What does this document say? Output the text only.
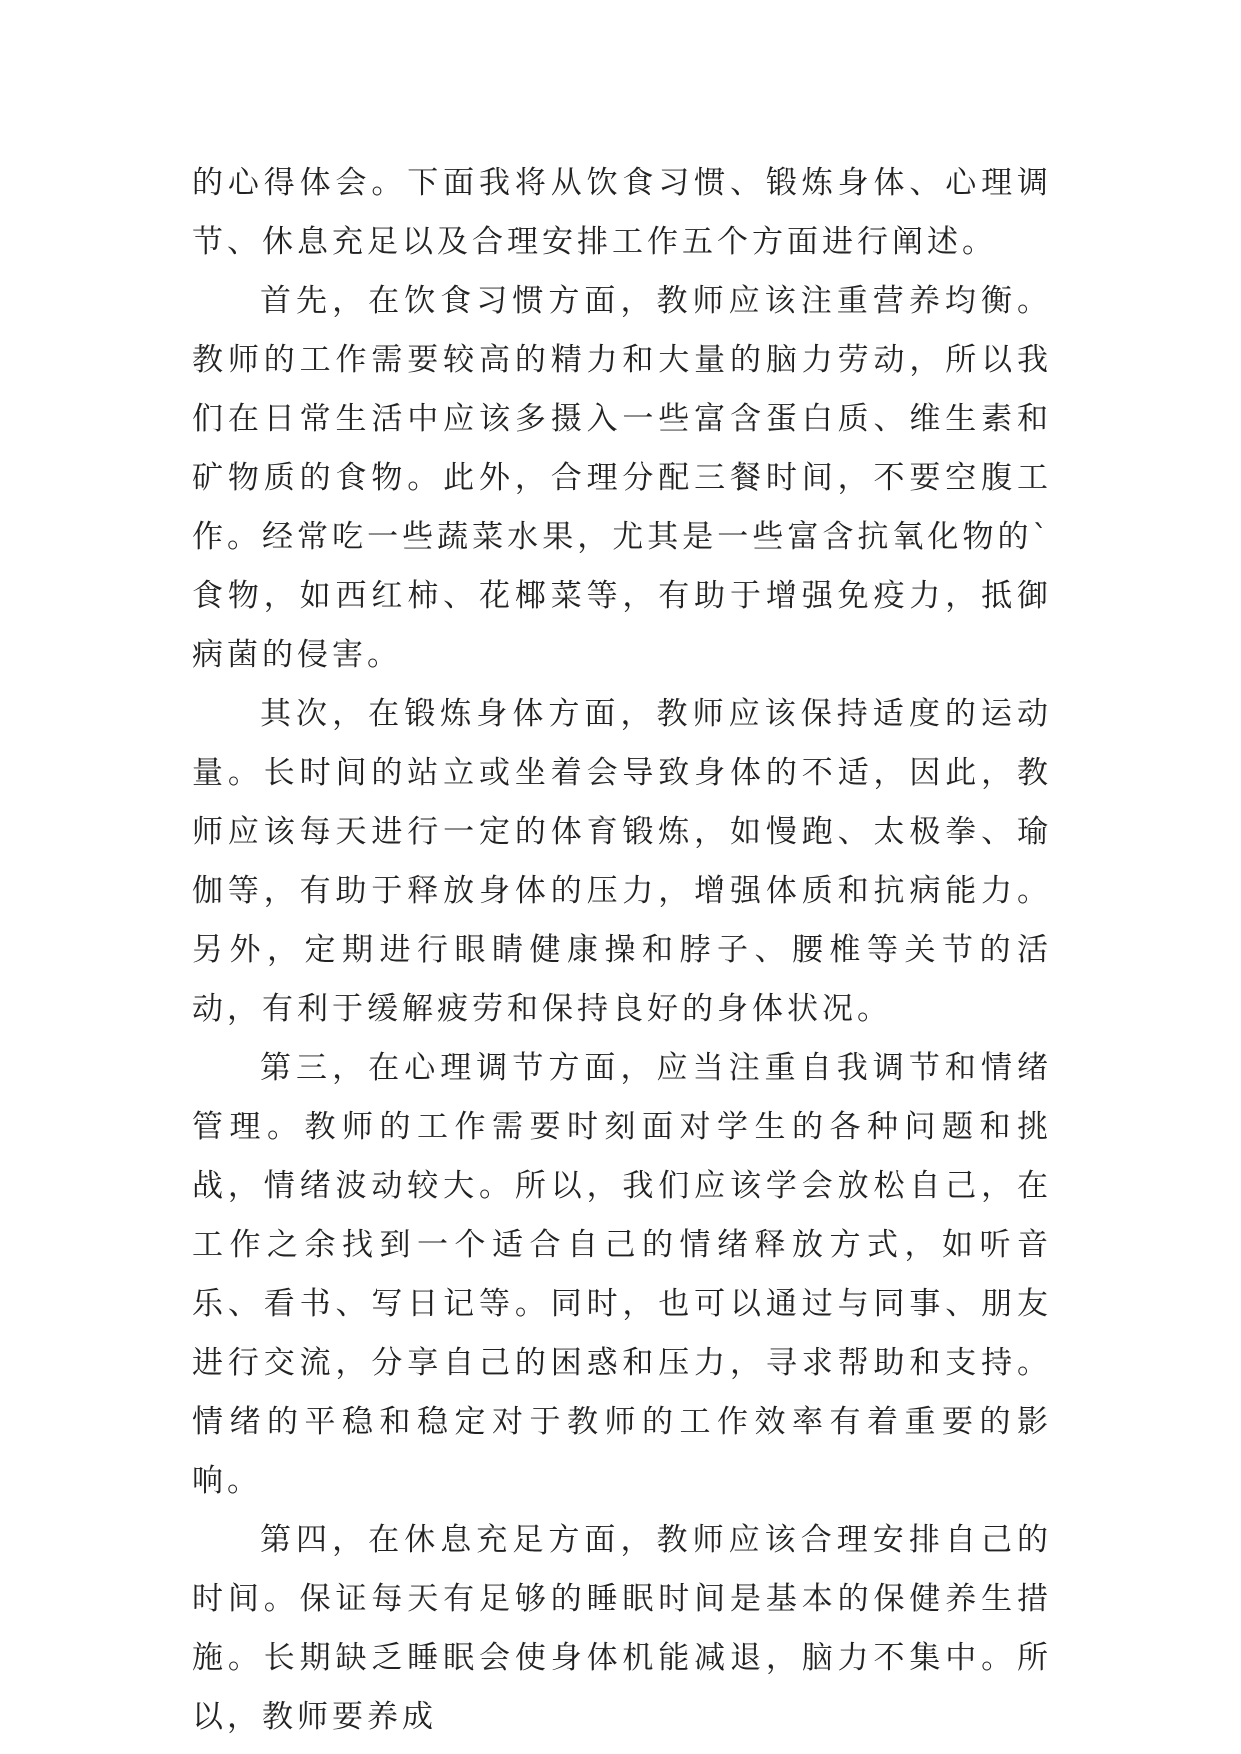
的心得体会。下面我将从饮食习惯、锻炼身体、心理调节、休息充足以及合理安排工作五个方面进行阐述。

首先，在饮食习惯方面，教师应该注重营养均衡。教师的工作需要较高的精力和大量的脑力劳动，所以我们在日常生活中应该多摄入一些富含蛋白质、维生素和矿物质的食物。此外，合理分配三餐时间，不要空腹工作。经常吃一些蔬菜水果，尤其是一些富含抗氧化物的`食物，如西红柿、花椰菜等，有助于增强免疫力，抵御病菌的侵害。

其次，在锻炼身体方面，教师应该保持适度的运动量。长时间的站立或坐着会导致身体的不适，因此，教师应该每天进行一定的体育锻炼，如慢跑、太极拳、瑜伽等，有助于释放身体的压力，增强体质和抗病能力。另外，定期进行眼睛健康操和脖子、腰椎等关节的活动，有利于缓解疲劳和保持良好的身体状况。

第三，在心理调节方面，应当注重自我调节和情绪管理。教师的工作需要时刻面对学生的各种问题和挑战，情绪波动较大。所以，我们应该学会放松自己，在工作之余找到一个适合自己的情绪释放方式，如听音乐、看书、写日记等。同时，也可以通过与同事、朋友进行交流，分享自己的困惑和压力，寻求帮助和支持。情绪的平稳和稳定对于教师的工作效率有着重要的影响。

第四，在休息充足方面，教师应该合理安排自己的时间。保证每天有足够的睡眠时间是基本的保健养生措施。长期缺乏睡眠会使身体机能减退，脑力不集中。所以，教师要养成
